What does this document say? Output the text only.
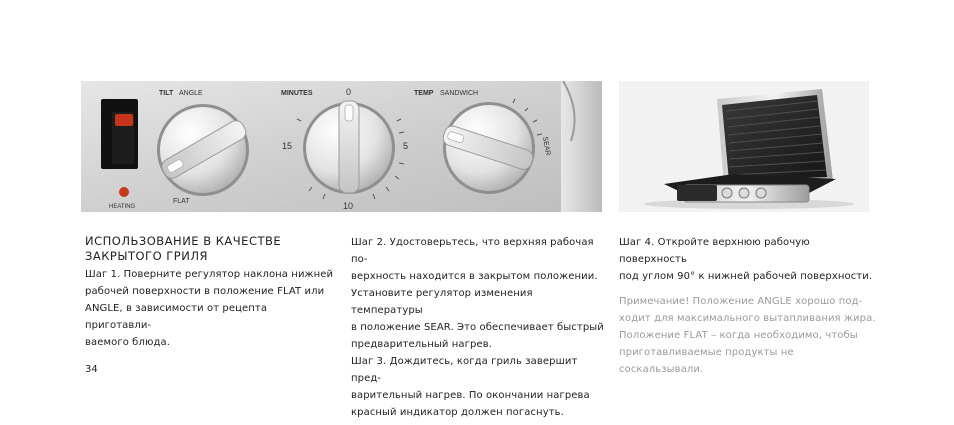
HEATING
TILT ANGLE
FLAT
MINUTES	0
5
10
15
TEMP SANDWICH
SEAR

ИСПОЛЬЗОВАНИЕ В КАЧЕСТВЕ
ЗАКРЫТОГО ГРИЛЯ

Шаг 1. Поверните регулятор наклона нижней

рабочей поверхности в положение FLAT или

ANGLE, в зависимости от рецепта приготавли-

ваемого блюда.

Шаг 2. Удостоверьтесь, что верхняя рабочая по-

верхность находится в закрытом положении.

Установите регулятор изменения температуры

в положение SEAR. Это обеспечивает быстрый

предварительный нагрев.

Шаг 3. Дождитесь, когда гриль завершит пред-

варительный нагрев. По окончании нагрева

красный индикатор должен погаснуть.

Шаг 4. Откройте верхнюю рабочую поверхность

под углом 90° к нижней рабочей поверхности.

Примечание! Положение ANGLE хорошо под-

ходит для максимального вытапливания жира.

Положение FLAT – когда необходимо, чтобы

приготавливаемые продукты не соскальзывали.

34
